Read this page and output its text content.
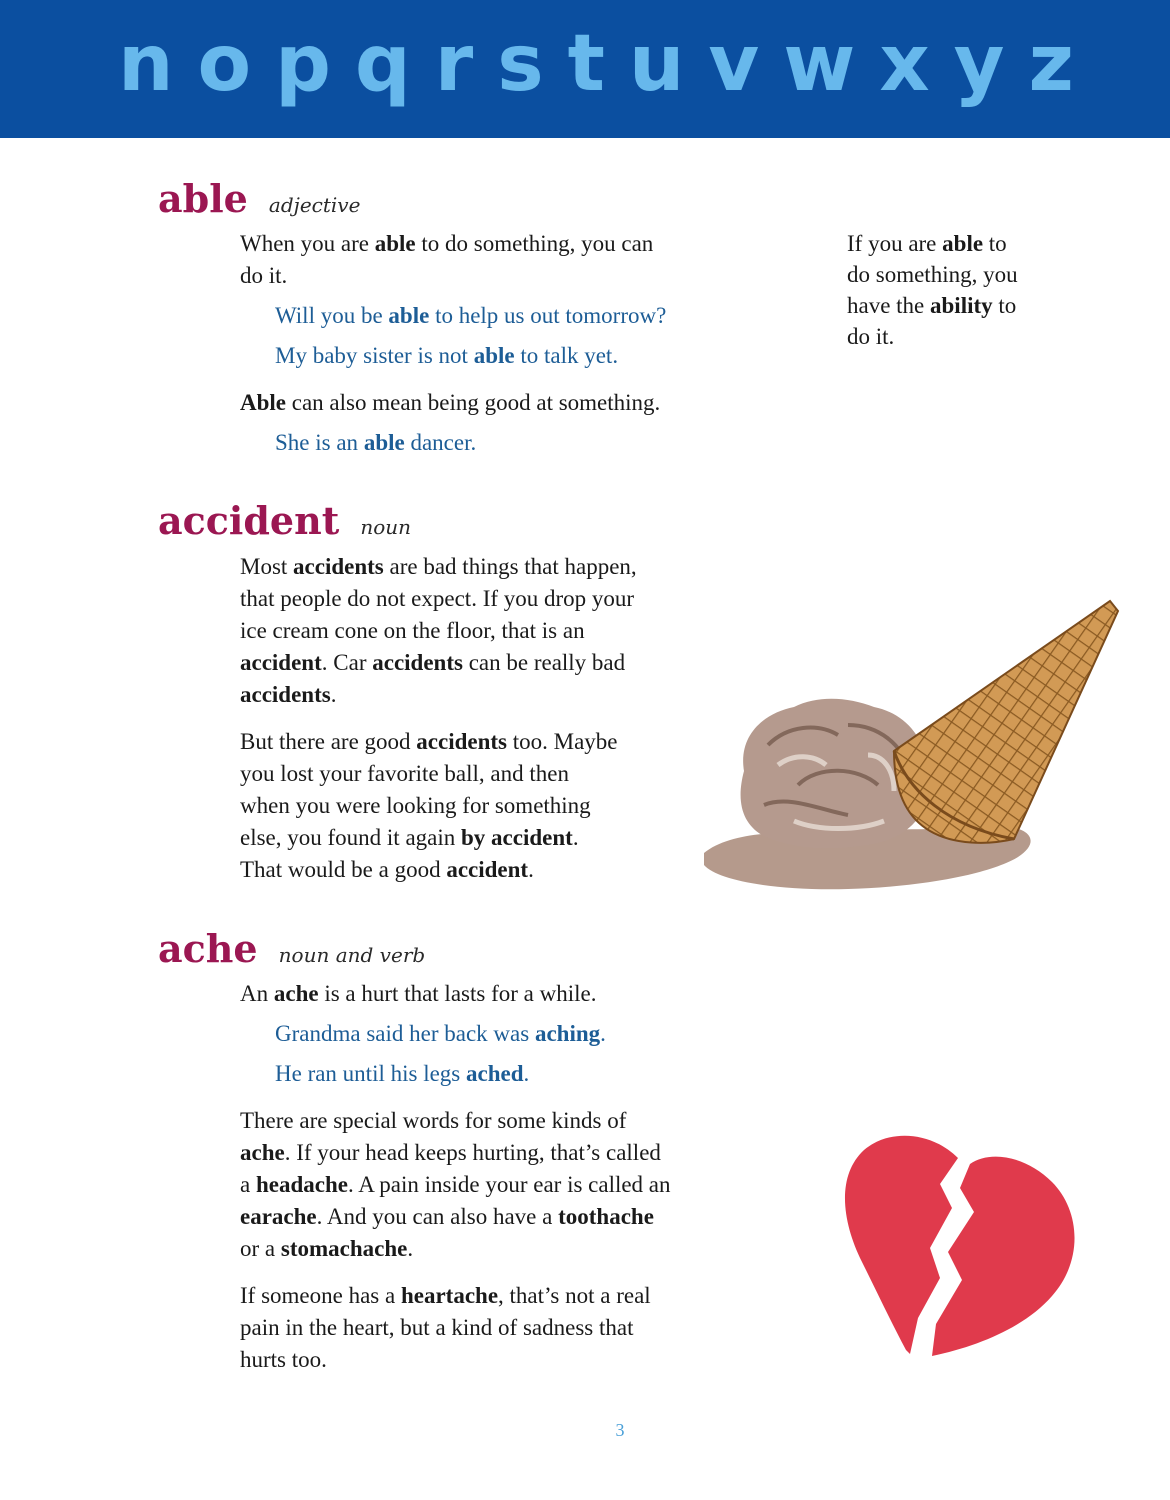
n o p q r s t u v w x y z
able adjective
When you are able to do something, you can
do it.
Will you be able to help us out tomorrow?
My baby sister is not able to talk yet.
Able can also mean being good at something.
She is an able dancer.
If you are able to
do something, you
have the ability to
do it.
accident noun
Most accidents are bad things that happen,
that people do not expect. If you drop your
ice cream cone on the floor, that is an
accident. Car accidents can be really bad
accidents.
But there are good accidents too. Maybe
you lost your favorite ball, and then
when you were looking for something
else, you found it again by accident.
That would be a good accident.
ache noun and verb
An ache is a hurt that lasts for a while.
Grandma said her back was aching.
He ran until his legs ached.
There are special words for some kinds of
ache. If your head keeps hurting, that’s called
a headache. A pain inside your ear is called an
earache. And you can also have a toothache
or a stomachache.
If someone has a heartache, that’s not a real
pain in the heart, but a kind of sadness that
hurts too.
3
